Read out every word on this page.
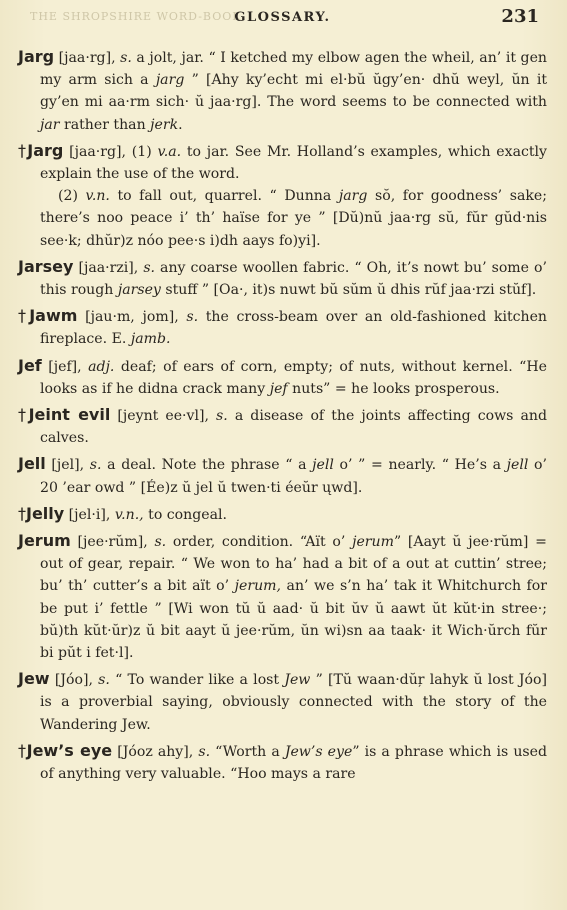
THE SHROPSHIRE WORD-BOOK
GLOSSARY.	231

Jarg [jaa·rg], s. a jolt, jar. “ I ketched my elbow agen the wheil, an’ it gen my arm sich a jarg ” [Ahy ky’echt mi el·bŭ ŭgy’en· dhŭ weyl, ŭn it gy’en mi aa·rm sich· ŭ jaa·rg]. The word seems to be connected with jar rather than jerk.

†Jarg [jaa·rg], (1) v.a. to jar. See Mr. Holland’s examples, which exactly explain the use of the word.
(2) v.n. to fall out, quarrel. “ Dunna jarg sŏ, for goodness’ sake; there’s noo peace i’ th’ haïse for ye ” [Dŭ)nŭ jaa·rg sŭ, fŭr gŭd·nis see·k; dhŭr)z nóo pee·s i)dh aays fo)yi].

Jarsey [jaa·rzi], s. any coarse woollen fabric. “ Oh, it’s nowt bu’ some o’ this rough jarsey stuff ” [Oa·, it)s nuwt bŭ sŭm ŭ dhis rŭf jaa·rzi stŭf].

†Jawm [jau·m, jom], s. the cross-beam over an old-fashioned kitchen fireplace. E. jamb.

Jef [jef], adj. deaf; of ears of corn, empty; of nuts, without kernel. “He looks as if he didna crack many jef nuts” = he looks prosperous.

†Jeint evil [jeynt ee·vl], s. a disease of the joints affecting cows and calves.

Jell [jel], s. a deal. Note the phrase “ a jell o’ ” = nearly. “ He’s a jell o’ 20 ’ear owd ” [Ée)z ŭ jel ŭ twen·ti éeŭr ųwd].

†Jelly [jel·i], v.n., to congeal.

Jerum [jee·rŭm], s. order, condition. “Aït o’ jerum” [Aayt ŭ jee·rŭm] = out of gear, repair. “ We won to ha’ had a bit of a out at cuttin’ stree; bu’ th’ cutter’s a bit aït o’ jerum, an’ we s’n ha’ tak it Whitchurch for be put i’ fettle ” [Wi won tŭ ŭ aad· ŭ bit ŭv ŭ aawt ŭt kŭt·in stree·; bŭ)th kŭt·ŭr)z ŭ bit aayt ŭ jee·rŭm, ŭn wi)sn aa taak· it Wich·ŭrch fŭr bi pŭt i fet·l].

Jew [Jóo], s. “ To wander like a lost Jew ” [Tŭ waan·dŭŗ lahyk ŭ lost Jóo] is a proverbial saying, obviously connected with the story of the Wandering Jew.

†Jew’s eye [Jóoz ahy], s. “Worth a Jew’s eye” is a phrase which is used of anything very valuable. “Hoo mays a rare
